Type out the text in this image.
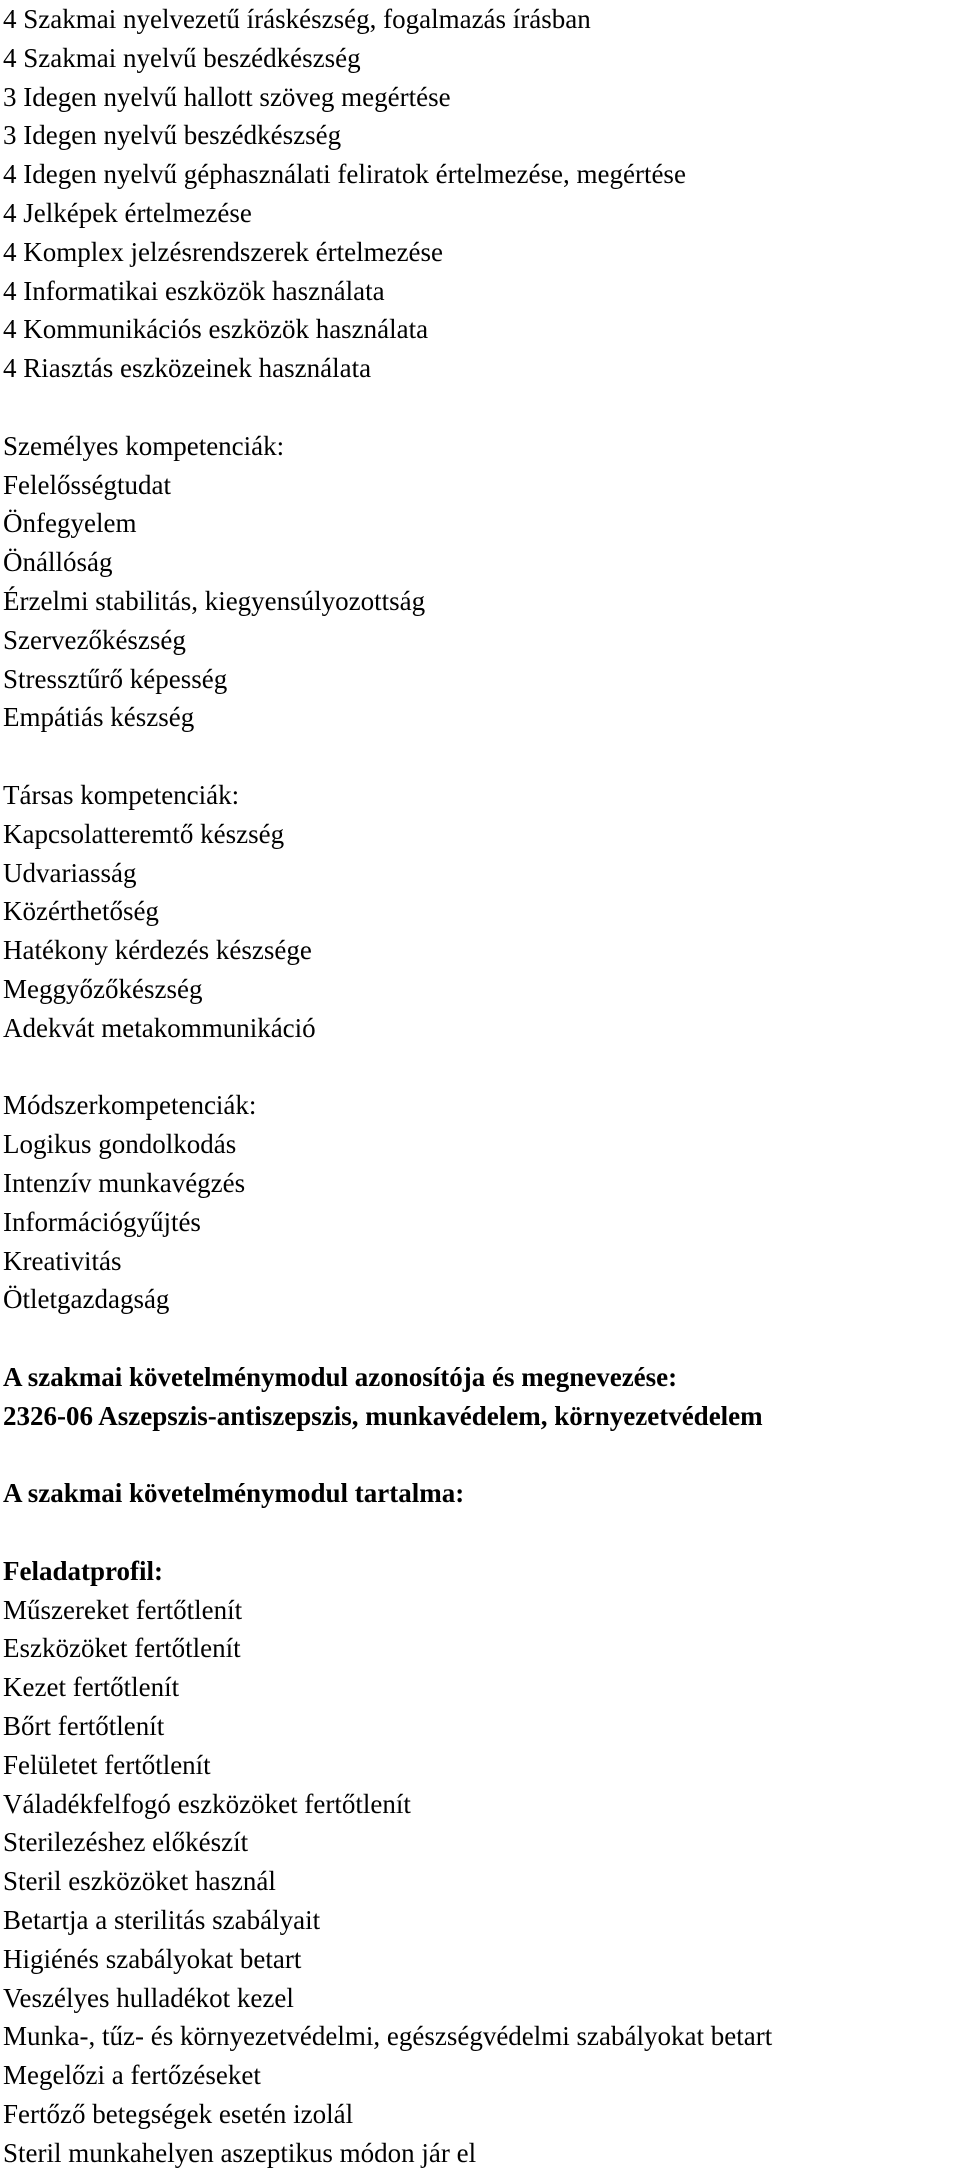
4 Szakmai nyelvezetű íráskészség, fogalmazás írásban
4 Szakmai nyelvű beszédkészség
3 Idegen nyelvű hallott szöveg megértése
3 Idegen nyelvű beszédkészség
4 Idegen nyelvű géphasználati feliratok értelmezése, megértése
4 Jelképek értelmezése
4 Komplex jelzésrendszerek értelmezése
4 Informatikai eszközök használata
4 Kommunikációs eszközök használata
4 Riasztás eszközeinek használata
Személyes kompetenciák:
Felelősségtudat
Önfegyelem
Önállóság
Érzelmi stabilitás, kiegyensúlyozottság
Szervezőkészség
Stressztűrő képesség
Empátiás készség
Társas kompetenciák:
Kapcsolatteremtő készség
Udvariasság
Közérthetőség
Hatékony kérdezés készsége
Meggyőzőkészség
Adekvát metakommunikáció
Módszerkompetenciák:
Logikus gondolkodás
Intenzív munkavégzés
Információgyűjtés
Kreativitás
Ötletgazdagság
A szakmai követelménymodul azonosítója és megnevezése:
2326-06 Aszepszis-antiszepszis, munkavédelem, környezetvédelem
A szakmai követelménymodul tartalma:
Feladatprofil:
Műszereket fertőtlenít
Eszközöket fertőtlenít
Kezet fertőtlenít
Bőrt fertőtlenít
Felületet fertőtlenít
Váladékfelfogó eszközöket fertőtlenít
Sterilezéshez előkészít
Steril eszközöket használ
Betartja a sterilitás szabályait
Higiénés szabályokat betart
Veszélyes hulladékot kezel
Munka-, tűz- és környezetvédelmi, egészségvédelmi szabályokat betart
Megelőzi a fertőzéseket
Fertőző betegségek esetén izolál
Steril munkahelyen aszeptikus módon jár el
